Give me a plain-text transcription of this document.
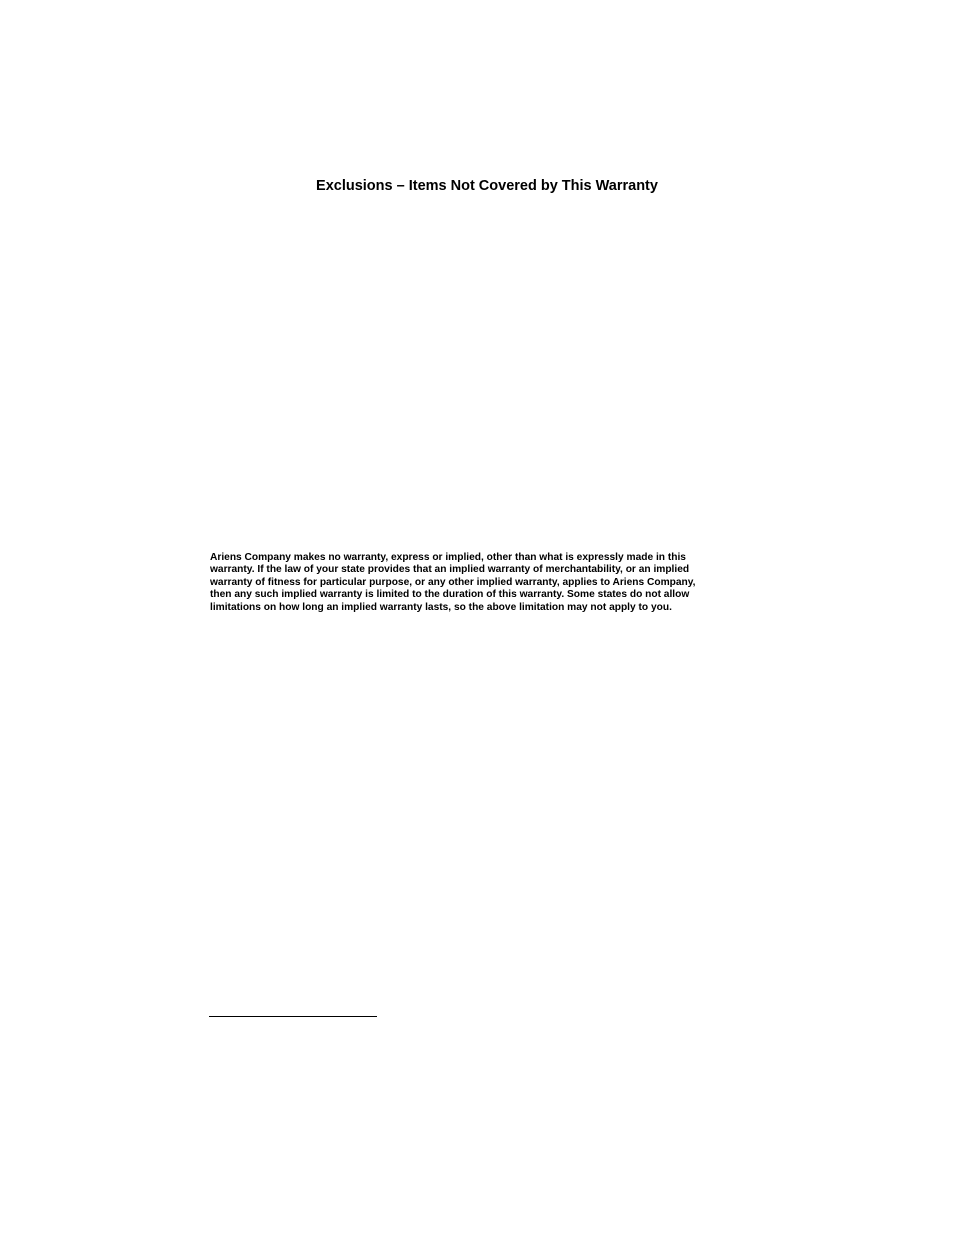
Exclusions – Items Not Covered by This Warranty
Ariens Company makes no warranty, express or implied, other than what is expressly made in this
warranty. If the law of your state provides that an implied warranty of merchantability, or an implied
warranty of fitness for particular purpose, or any other implied warranty, applies to Ariens Company,
then any such implied warranty is limited to the duration of this warranty. Some states do not allow
limitations on how long an implied warranty lasts, so the above limitation may not apply to you.
